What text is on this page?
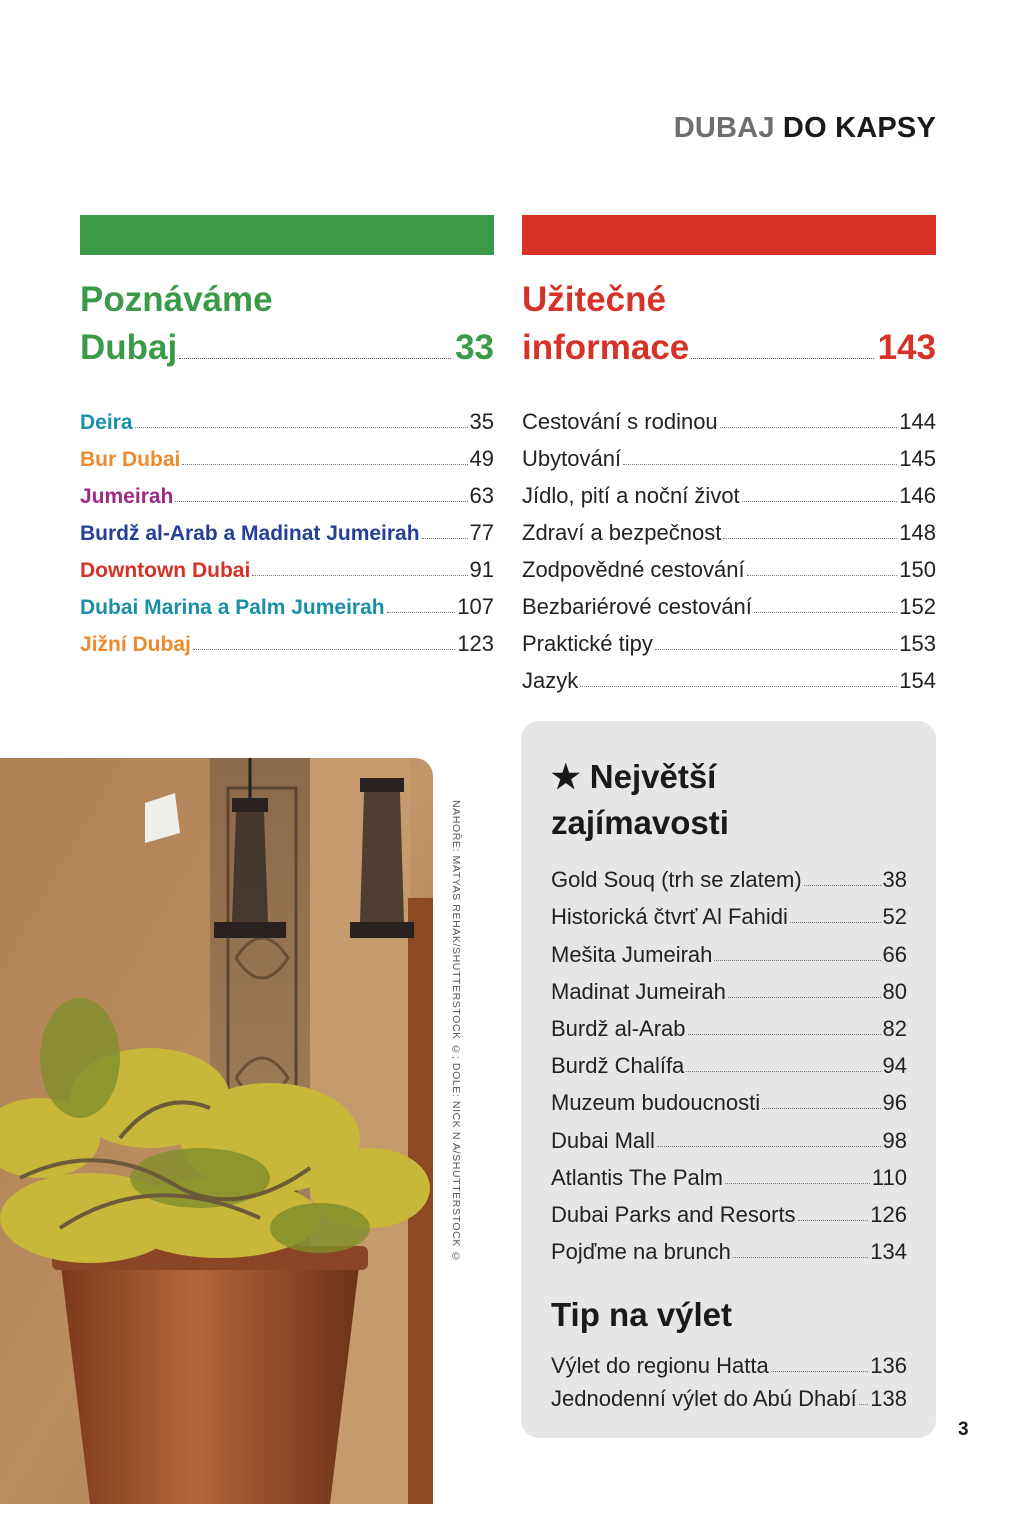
DUBAJ DO KAPSY
Poznáváme
Dubaj	33
Užitečné
informace	143
Deira	35
Bur Dubai	49
Jumeirah	63
Burdž al-Arab a Madinat Jumeirah 77
Downtown Dubai	91
Dubai Marina a Palm Jumeirah	107
Jižní Dubaj	123
Cestování s rodinou	144
Ubytování	145
Jídlo, pití a noční život	146
Zdraví a bezpečnost	148
Zodpovědné cestování	150
Bezbariérové cestování	152
Praktické tipy	153
Jazyk	154
NAHOŘE: MATYAS REHAK/SHUTTERSTOCK ©; DOLE: NICK N A/SHUTTERSTOCK ©
★ Největší
zajímavosti
Gold Souq (trh se zlatem)	38
Historická čtvrť Al Fahidi	52
Mešita Jumeirah	66
Madinat Jumeirah	80
Burdž al-Arab	82
Burdž Chalífa	94
Muzeum budoucnosti	96
Dubai Mall	98
Atlantis The Palm	110
Dubai Parks and Resorts	126
Pojďme na brunch	134
Tip na výlet
Výlet do regionu Hatta	136
Jednodenní výlet do Abú Dhabí 138
3
